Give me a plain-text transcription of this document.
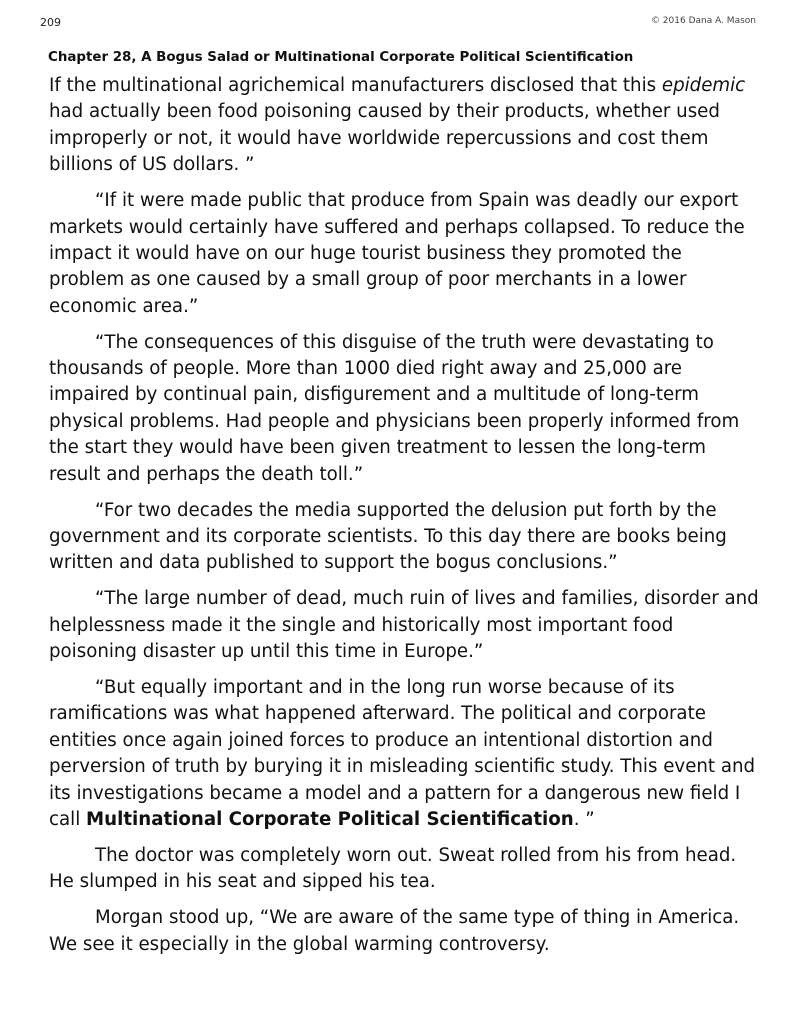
209	© 2016 Dana A. Mason
Chapter 28, A Bogus Salad or Multinational Corporate Political Scientification

If the multinational agrichemical manufacturers disclosed that this epidemic had actually been food poisoning caused by their products, whether used improperly or not, it would have worldwide repercussions and cost them billions of US dollars. ”

“If it were made public that produce from Spain was deadly our export markets would certainly have suffered and perhaps collapsed. To reduce the impact it would have on our huge tourist business they promoted the problem as one caused by a small group of poor merchants in a lower economic area.”

“The consequences of this disguise of the truth were devastating to thousands of people. More than 1000 died right away and 25,000 are impaired by continual pain, disfigurement and a multitude of long-term physical problems. Had people and physicians been properly informed from the start they would have been given treatment to lessen the long-term result and perhaps the death toll.”

“For two decades the media supported the delusion put forth by the government and its corporate scientists. To this day there are books being written and data published to support the bogus conclusions.”

“The large number of dead, much ruin of lives and families, disorder and helplessness made it the single and historically most important food poisoning disaster up until this time in Europe.”

“But equally important and in the long run worse because of its ramifications was what happened afterward. The political and corporate entities once again joined forces to produce an intentional distortion and perversion of truth by burying it in misleading scientific study. This event and its investigations became a model and a pattern for a dangerous new field I call Multinational Corporate Political Scientification. ”

The doctor was completely worn out. Sweat rolled from his from head. He slumped in his seat and sipped his tea.

Morgan stood up, “We are aware of the same type of thing in America. We see it especially in the global warming controversy.
